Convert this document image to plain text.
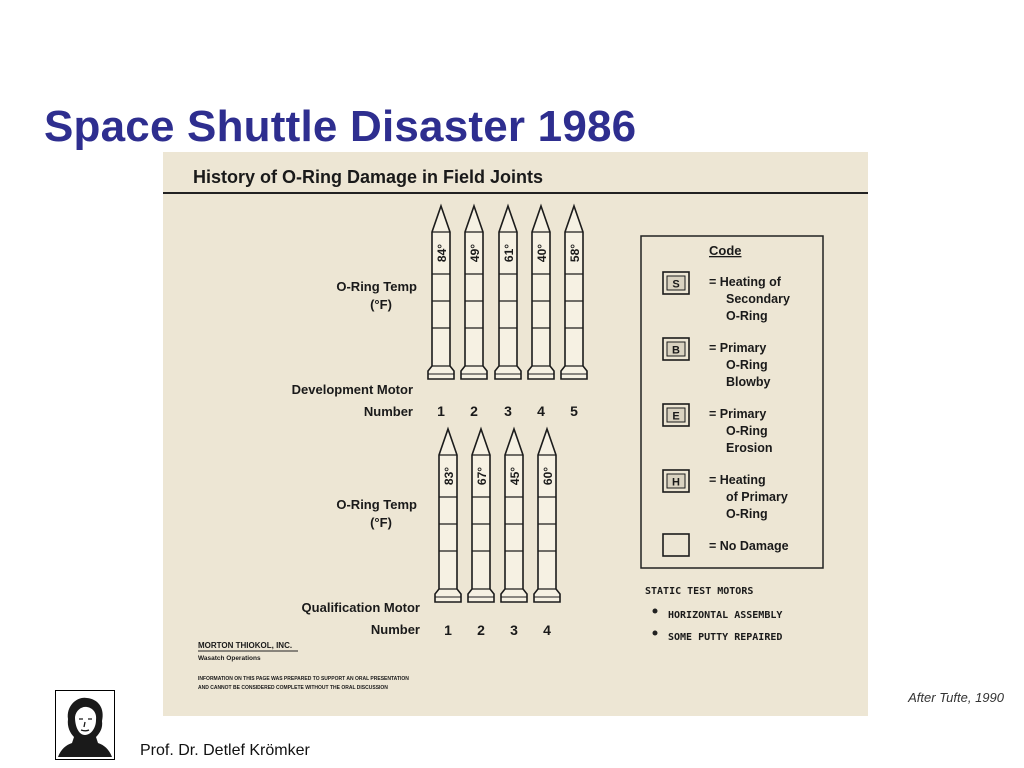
Space Shuttle Disaster 1986
History of O-Ring Damage in Field Joints
O-Ring Temp
(°F)
Development Motor
Number
84°
1
49°
2
61°
3
40°
4
58°
5
O-Ring Temp
(°F)
Qualification Motor
Number
83°
1
67°
2
45°
3
60°
4
Code
S = Heating of
Secondary
O-Ring
B = Primary
O-Ring
Blowby
E = Primary
O-Ring
Erosion
H = Heating
of Primary
O-Ring
= No Damage
STATIC TEST MOTORS
HORIZONTAL ASSEMBLY
SOME PUTTY REPAIRED
MORTON THIOKOL, INC.
Wasatch Operations
INFORMATION ON THIS PAGE WAS PREPARED TO SUPPORT AN ORAL PRESENTATION
AND CANNOT BE CONSIDERED COMPLETE WITHOUT THE ORAL DISCUSSION
After Tufte, 1990
Prof. Dr. Detlef Krömker
